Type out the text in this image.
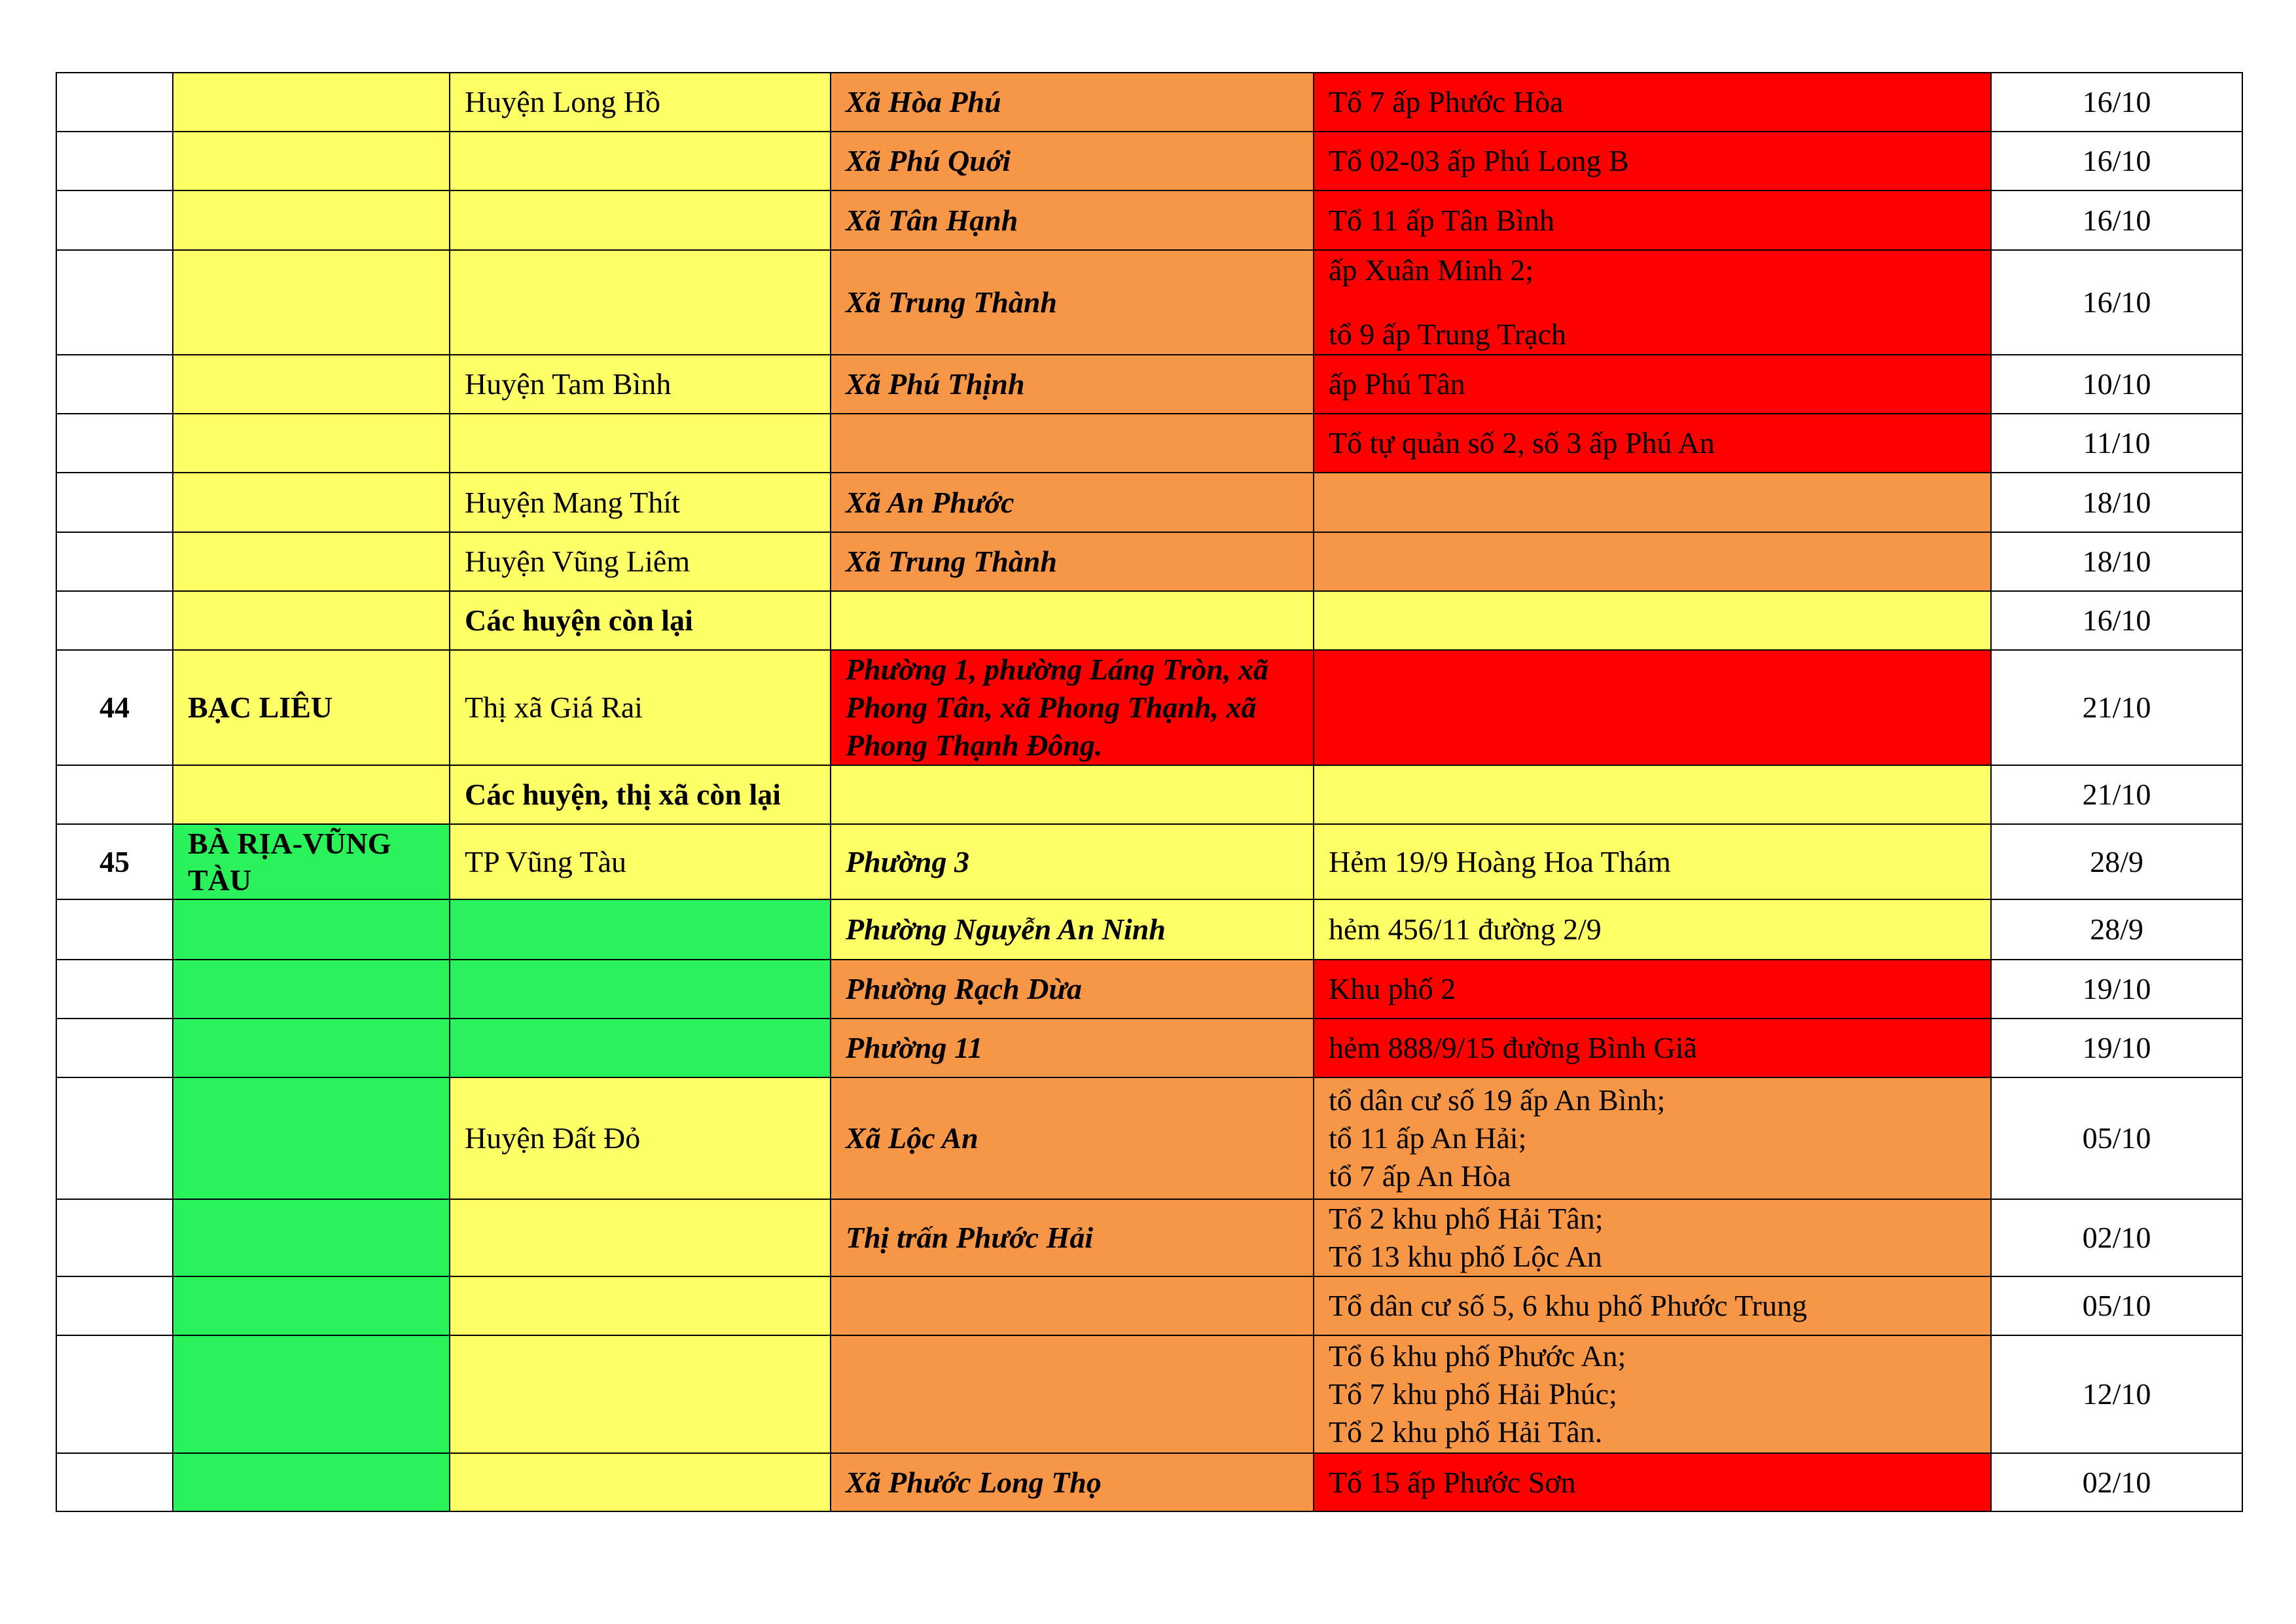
		Huyện Long Hồ	Xã Hòa Phú	Tổ 7 ấp Phước Hòa	16/10
			Xã Phú Quới	Tổ 02-03 ấp Phú Long B	16/10
			Xã Tân Hạnh	Tổ 11 ấp Tân Bình	16/10
			Xã Trung Thành	ấp Xuân Minh 2;
tổ 9 ấp Trung Trạch	16/10
		Huyện Tam Bình	Xã Phú Thịnh	ấp Phú Tân	10/10

				Tổ tự quản số 2, số 3 ấp Phú An	11/10
		Huyện Mang Thít	Xã An Phước		18/10
		Huyện Vũng Liêm	Xã Trung Thành		18/10
		Các huyện còn lại			16/10
44	BẠC LIÊU	Thị xã Giá Rai	Phường 1, phường Láng Tròn, xã Phong Tân, xã Phong Thạnh, xã Phong Thạnh Đông.		21/10
		Các huyện, thị xã còn lại			21/10
45	BÀ RỊA-VŨNG TÀU	TP Vũng Tàu	Phường 3	Hẻm 19/9 Hoàng Hoa Thám	28/9
			Phường Nguyễn An Ninh	hẻm 456/11 đường 2/9	28/9
			Phường Rạch Dừa	Khu phố 2	19/10
			Phường 11	hẻm 888/9/15 đường Bình Giã	19/10
		Huyện Đất Đỏ	Xã Lộc An	tổ dân cư số 19 ấp An Bình;
tổ 11 ấp An Hải;
tổ 7 ấp An Hòa	05/10
			Thị trấn Phước Hải	Tổ 2 khu phố Hải Tân;
Tổ 13 khu phố Lộc An	02/10

				Tổ dân cư số 5, 6 khu phố Phước Trung	05/10

				Tổ 6 khu phố Phước An;
Tổ 7 khu phố Hải Phúc;
Tổ 2 khu phố Hải Tân.	12/10
			Xã Phước Long Thọ	Tổ 15 ấp Phước Sơn	02/10
